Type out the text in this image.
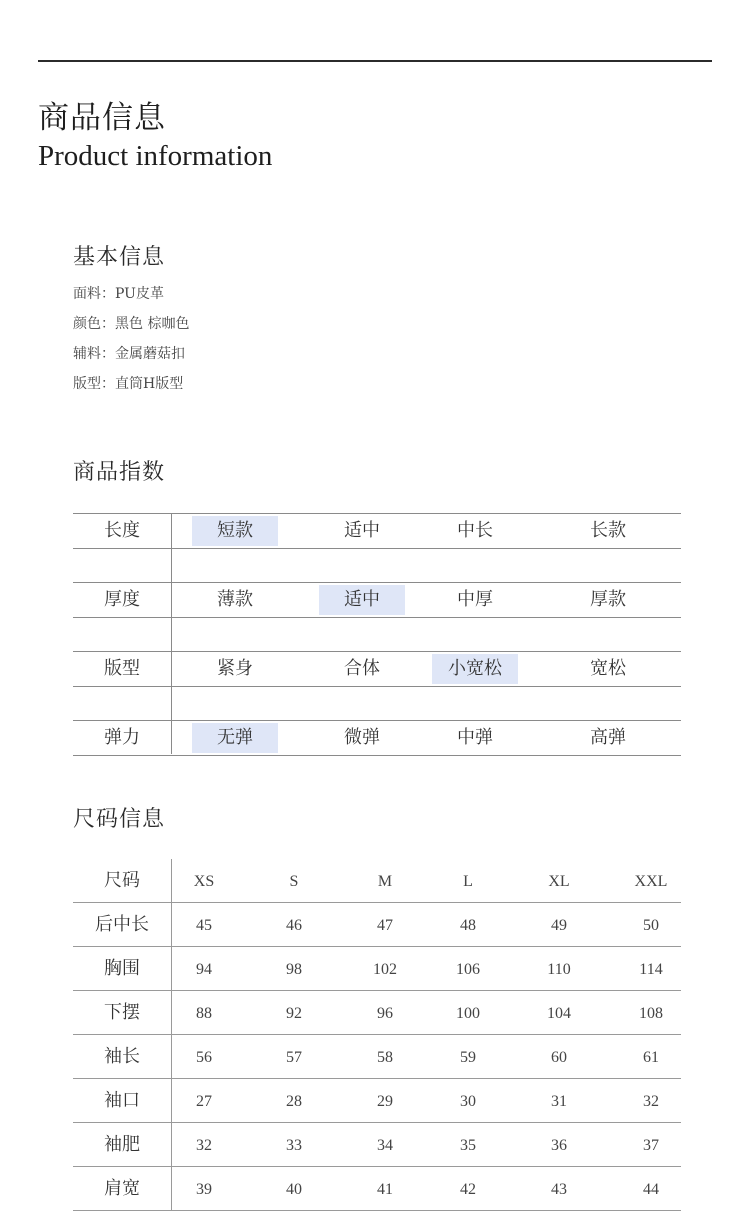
商品信息
Product information
基本信息
面料：PU皮革
颜色：黑色 棕咖色
辅料：金属蘑菇扣
版型：直筒H版型
商品指数
长度	短款	适中	中长	长款
厚度	薄款	适中	中厚	厚款
版型	紧身	合体	小宽松	宽松
弹力	无弹	微弹	中弹	高弹
尺码信息
尺码	XS	S	M	L	XL	XXL
后中长	45	46	47	48	49	50
胸围	94	98	102	106	110	114
下摆	88	92	96	100	104	108
袖长	56	57	58	59	60	61
袖口	27	28	29	30	31	32
袖肥	32	33	34	35	36	37
肩宽	39	40	41	42	43	44
